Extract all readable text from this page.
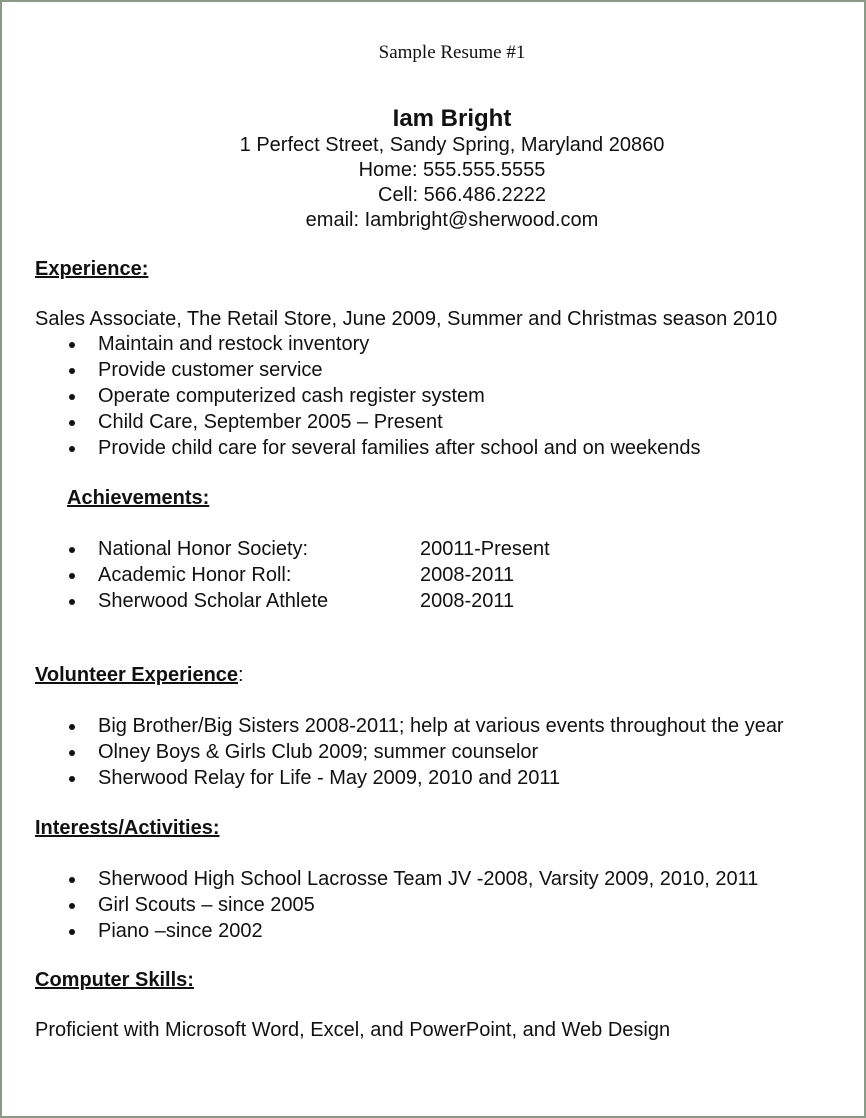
Sample Resume #1
Iam Bright
1 Perfect Street, Sandy Spring, Maryland 20860
Home: 555.555.5555
Cell: 566.486.2222
email: Iambright@sherwood.com
Experience:
Sales Associate, The Retail Store, June 2009, Summer and Christmas season 2010
Maintain and restock inventory
Provide customer service
Operate computerized cash register system
Child Care, September 2005 – Present
Provide child care for several families after school and on weekends
Achievements:
National Honor Society:	20011-Present
Academic Honor Roll:	2008-2011
Sherwood Scholar Athlete	2008-2011
Volunteer Experience:
Big Brother/Big Sisters 2008-2011; help at various events throughout the year
Olney Boys & Girls Club 2009; summer counselor
Sherwood Relay for Life - May 2009, 2010 and 2011
Interests/Activities:
Sherwood High School Lacrosse Team JV -2008, Varsity 2009, 2010, 2011
Girl Scouts – since 2005
Piano –since 2002
Computer Skills:
Proficient with Microsoft Word, Excel, and PowerPoint, and Web Design
